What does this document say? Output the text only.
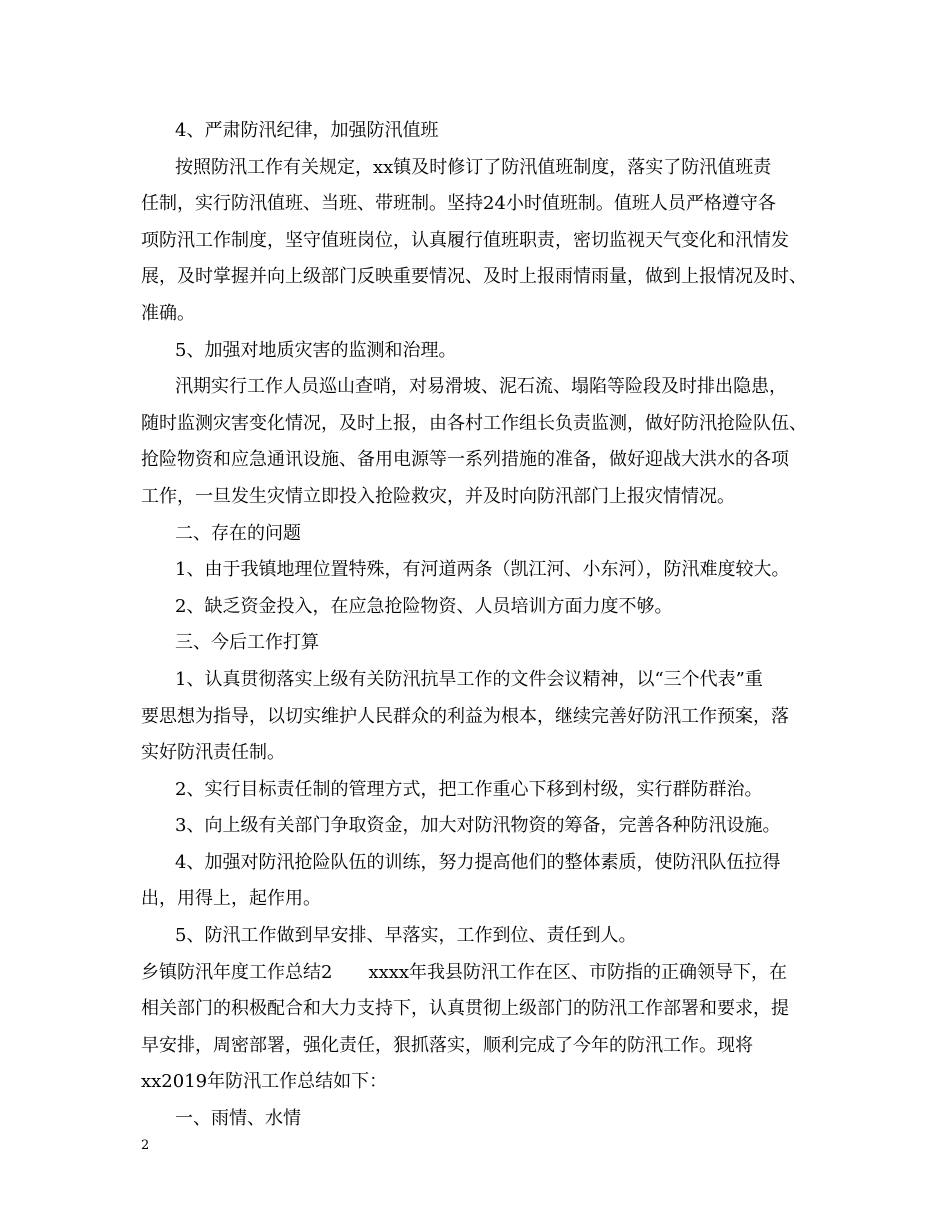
4、严肃防汛纪律，加强防汛值班
按照防汛工作有关规定，xx镇及时修订了防汛值班制度，落实了防汛值班责
任制，实行防汛值班、当班、带班制。坚持24小时值班制。值班人员严格遵守各
项防汛工作制度，坚守值班岗位，认真履行值班职责，密切监视天气变化和汛情发
展，及时掌握并向上级部门反映重要情况、及时上报雨情雨量，做到上报情况及时、
准确。
5、加强对地质灾害的监测和治理。
汛期实行工作人员巡山查哨，对易滑坡、泥石流、塌陷等险段及时排出隐患，
随时监测灾害变化情况，及时上报，由各村工作组长负责监测，做好防汛抢险队伍、
抢险物资和应急通讯设施、备用电源等一系列措施的准备，做好迎战大洪水的各项
工作，一旦发生灾情立即投入抢险救灾，并及时向防汛部门上报灾情情况。
二、存在的问题
1、由于我镇地理位置特殊，有河道两条（凯江河、小东河），防汛难度较大。
2、缺乏资金投入，在应急抢险物资、人员培训方面力度不够。
三、今后工作打算
1、认真贯彻落实上级有关防汛抗旱工作的文件会议精神，以“三个代表”重
要思想为指导，以切实维护人民群众的利益为根本，继续完善好防汛工作预案，落
实好防汛责任制。
2、实行目标责任制的管理方式，把工作重心下移到村级，实行群防群治。
3、向上级有关部门争取资金，加大对防汛物资的筹备，完善各种防汛设施。
4、加强对防汛抢险队伍的训练，努力提高他们的整体素质，使防汛队伍拉得
出，用得上，起作用。
5、防汛工作做到早安排、早落实，工作到位、责任到人。
乡镇防汛年度工作总结2　　xxxx年我县防汛工作在区、市防指的正确领导下，在
相关部门的积极配合和大力支持下，认真贯彻上级部门的防汛工作部署和要求，提
早安排，周密部署，强化责任，狠抓落实，顺利完成了今年的防汛工作。现将
xx2019年防汛工作总结如下：
一、雨情、水情
2
